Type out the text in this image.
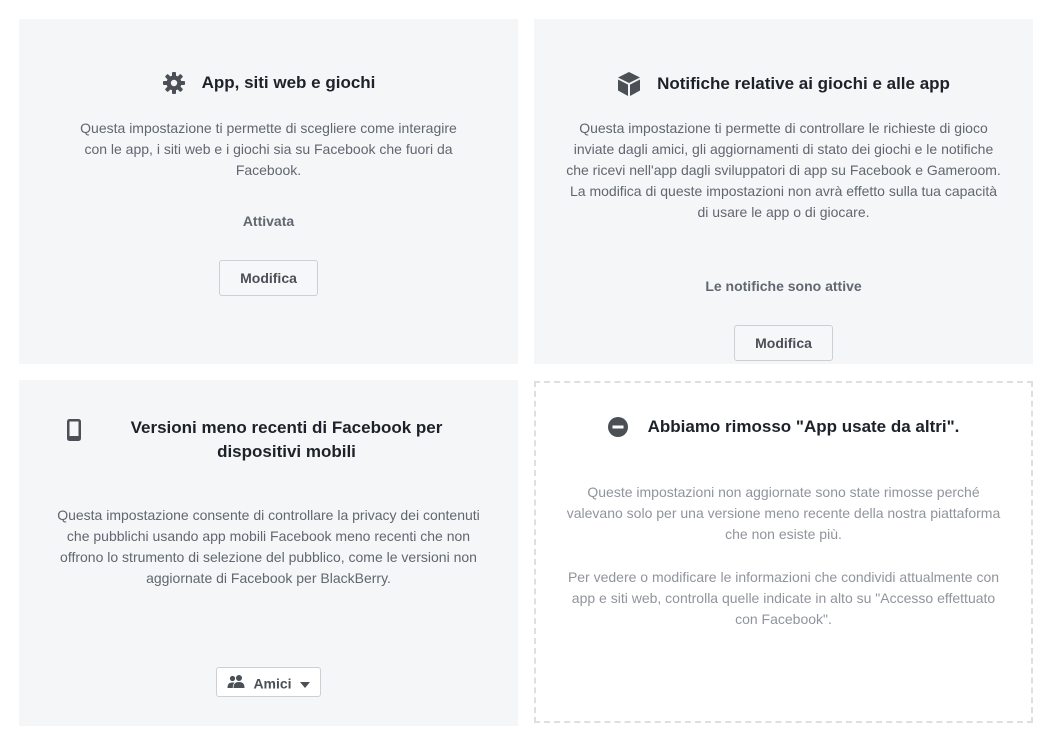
App, siti web e giochi
Questa impostazione ti permette di scegliere come interagire con le app, i siti web e i giochi sia su Facebook che fuori da Facebook.
Attivata
Modifica
Notifiche relative ai giochi e alle app
Questa impostazione ti permette di controllare le richieste di gioco inviate dagli amici, gli aggiornamenti di stato dei giochi e le notifiche che ricevi nell'app dagli sviluppatori di app su Facebook e Gameroom. La modifica di queste impostazioni non avrà effetto sulla tua capacità di usare le app o di giocare.
Le notifiche sono attive
Modifica
Versioni meno recenti di Facebook per dispositivi mobili
Questa impostazione consente di controllare la privacy dei contenuti che pubblichi usando app mobili Facebook meno recenti che non offrono lo strumento di selezione del pubblico, come le versioni non aggiornate di Facebook per BlackBerry.
Amici
Abbiamo rimosso "App usate da altri".
Queste impostazioni non aggiornate sono state rimosse perché valevano solo per una versione meno recente della nostra piattaforma che non esiste più.
Per vedere o modificare le informazioni che condividi attualmente con app e siti web, controlla quelle indicate in alto su "Accesso effettuato con Facebook".
